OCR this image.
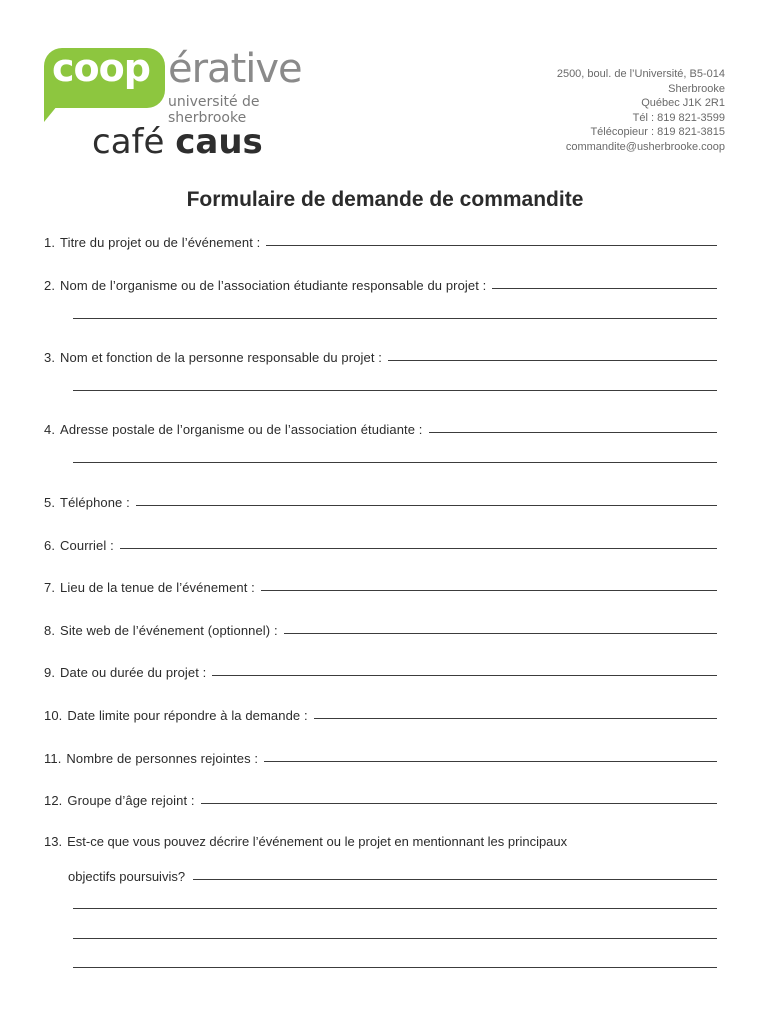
coop érative
université de sherbrooke
café caus
2500, boul. de l’Université, B5-014
Sherbrooke
Québec J1K 2R1
Tél : 819 821-3599
Télécopieur : 819 821-3815
commandite@usherbrooke.coop
Formulaire de demande de commandite
1. Titre du projet ou de l’événement :
2. Nom de l’organisme ou de l’association étudiante responsable du projet :
3. Nom et fonction de la personne responsable du projet :
4. Adresse postale de l’organisme ou de l’association étudiante :
5. Téléphone :
6. Courriel :
7. Lieu de la tenue de l’événement :
8. Site web de l’événement (optionnel) :
9. Date ou durée du projet :
10. Date limite pour répondre à la demande :
11. Nombre de personnes rejointes :
12. Groupe d’âge rejoint :
13. Est-ce que vous pouvez décrire l’événement ou le projet en mentionnant les principaux
objectifs poursuivis?
